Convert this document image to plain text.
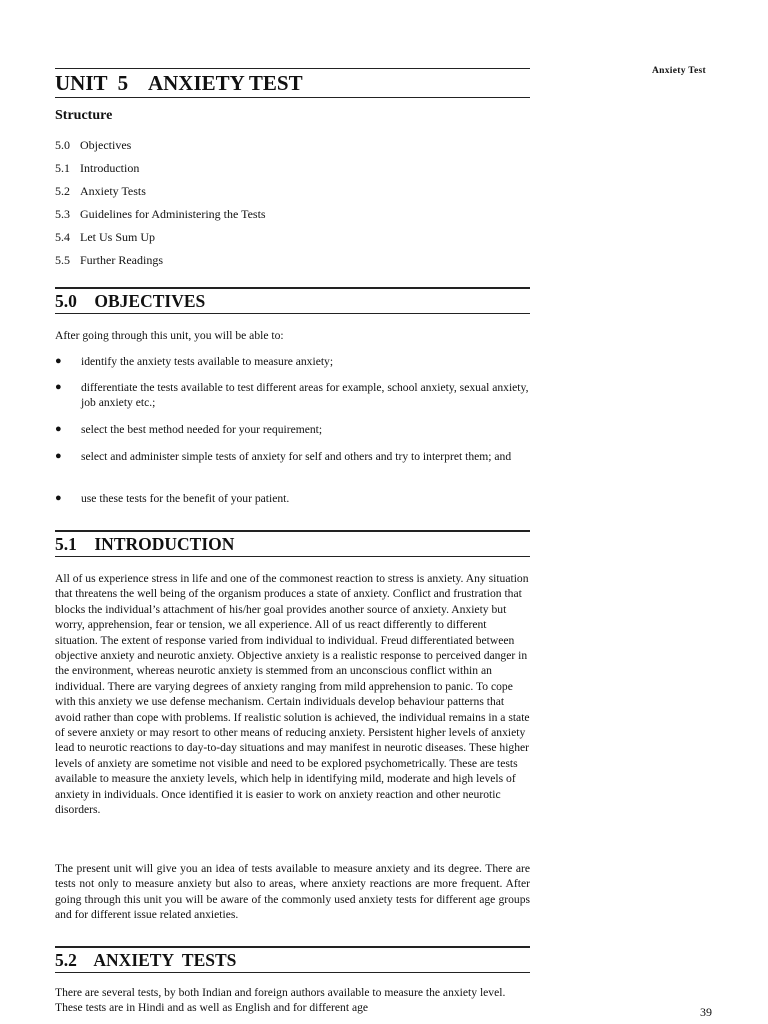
Anxiety Test
UNIT  5    ANXIETY TEST
Structure
5.0 Objectives
5.1 Introduction
5.2 Anxiety Tests
5.3 Guidelines for Administering the Tests
5.4 Let Us Sum Up
5.5 Further Readings
5.0    OBJECTIVES

After going through this unit, you will be able to:

● identify the anxiety tests available to measure anxiety;
● differentiate the tests available to test different areas for example, school anxiety, sexual anxiety, job anxiety etc.;
● select the best method needed for your requirement;
● select and administer simple tests of anxiety for self and others and try to interpret them; and
● use these tests for the benefit of your patient.
5.1    INTRODUCTION

All of us experience stress in life and one of the commonest reaction to stress is anxiety. Any situation that threatens the well being of the organism produces a state of anxiety. Conflict and frustration that blocks the individual’s attachment of his/her goal provides another source of anxiety. Anxiety but worry, apprehension, fear or tension, we all experience. All of us react differently to different situation. The extent of response varied from individual to individual. Freud differentiated between objective anxiety and neurotic anxiety. Objective anxiety is a realistic response to perceived danger in the environment, whereas neurotic anxiety is stemmed from an unconscious conflict within an individual. There are varying degrees of anxiety ranging from mild apprehension to panic. To cope with this anxiety we use defense mechanism. Certain individuals develop behaviour patterns that avoid rather than cope with problems. If realistic solution is achieved, the individual remains in a state of severe anxiety or may resort to other means of reducing anxiety. Persistent higher levels of anxiety lead to neurotic reactions to day-to-day situations and may manifest in neurotic diseases. These higher levels of anxiety are sometime not visible and need to be explored psychometrically. These are tests available to measure the anxiety levels, which help in identifying mild, moderate and high levels of anxiety in individuals. Once identified it is easier to work on anxiety reaction and other neurotic disorders.

The present unit will give you an idea of tests available to measure anxiety and its degree. There are tests not only to measure anxiety but also to areas, where anxiety reactions are more frequent. After going through this unit you will be aware of the commonly used anxiety tests for different age groups and for different issue related anxieties.

5.2    ANXIETY  TESTS

There are several tests, by both Indian and foreign authors available to measure the anxiety level. These tests are in Hindi and as well as English and for different age	39
